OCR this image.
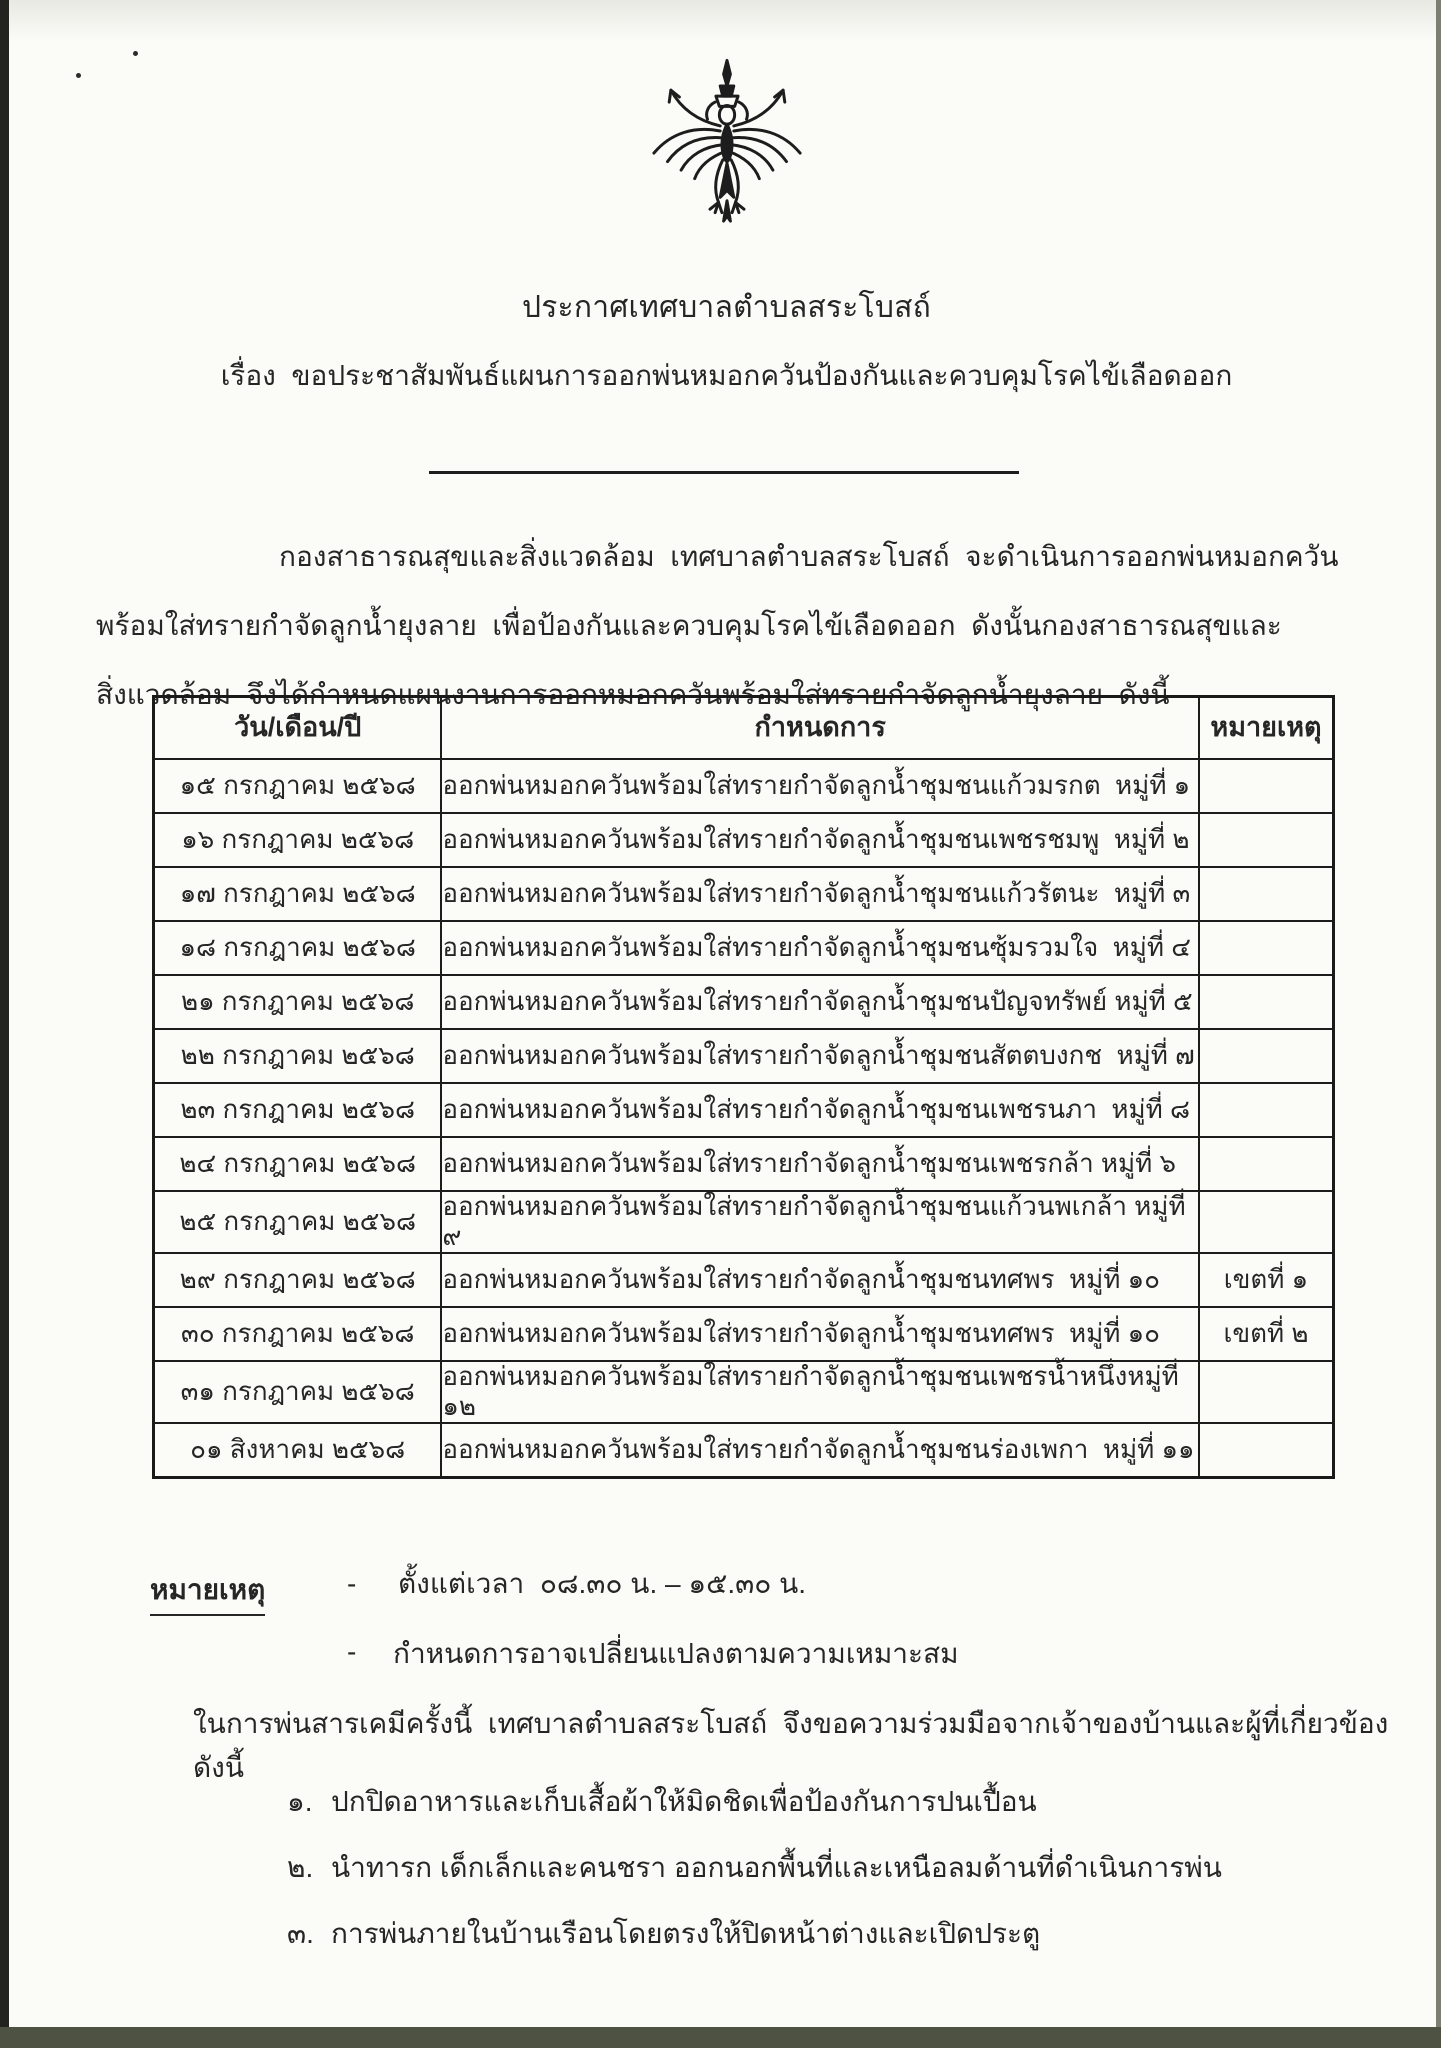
ประกาศเทศบาลตำบลสระโบสถ์
เรื่อง  ขอประชาสัมพันธ์แผนการออกพ่นหมอกควันป้องกันและควบคุมโรคไข้เลือดออก
กองสาธารณสุขและสิ่งแวดล้อม  เทศบาลตำบลสระโบสถ์  จะดำเนินการออกพ่นหมอกควัน
พร้อมใส่ทรายกำจัดลูกน้ำยุงลาย  เพื่อป้องกันและควบคุมโรคไข้เลือดออก  ดังนั้นกองสาธารณสุขและ
สิ่งแวดล้อม  จึงได้กำหนดแผนงานการออกหมอกควันพร้อมใส่ทรายกำจัดลูกน้ำยุงลาย  ดังนี้
วัน/เดือน/ปี	กำหนดการ	หมายเหตุ
๑๕ กรกฎาคม ๒๕๖๘	ออกพ่นหมอกควันพร้อมใส่ทรายกำจัดลูกน้ำชุมชนแก้วมรกต  หมู่ที่ ๑	
๑๖ กรกฎาคม ๒๕๖๘	ออกพ่นหมอกควันพร้อมใส่ทรายกำจัดลูกน้ำชุมชนเพชรชมพู  หมู่ที่ ๒	
๑๗ กรกฎาคม ๒๕๖๘	ออกพ่นหมอกควันพร้อมใส่ทรายกำจัดลูกน้ำชุมชนแก้วรัตนะ  หมู่ที่ ๓	
๑๘ กรกฎาคม ๒๕๖๘	ออกพ่นหมอกควันพร้อมใส่ทรายกำจัดลูกน้ำชุมชนซุ้มรวมใจ  หมู่ที่ ๔	
๒๑ กรกฎาคม ๒๕๖๘	ออกพ่นหมอกควันพร้อมใส่ทรายกำจัดลูกน้ำชุมชนปัญจทรัพย์ หมู่ที่ ๕	
๒๒ กรกฎาคม ๒๕๖๘	ออกพ่นหมอกควันพร้อมใส่ทรายกำจัดลูกน้ำชุมชนสัตตบงกช  หมู่ที่ ๗	
๒๓ กรกฎาคม ๒๕๖๘	ออกพ่นหมอกควันพร้อมใส่ทรายกำจัดลูกน้ำชุมชนเพชรนภา  หมู่ที่ ๘	
๒๔ กรกฎาคม ๒๕๖๘	ออกพ่นหมอกควันพร้อมใส่ทรายกำจัดลูกน้ำชุมชนเพชรกล้า หมู่ที่ ๖	
๒๕ กรกฎาคม ๒๕๖๘	ออกพ่นหมอกควันพร้อมใส่ทรายกำจัดลูกน้ำชุมชนแก้วนพเกล้า หมู่ที่ ๙	
๒๙ กรกฎาคม ๒๕๖๘	ออกพ่นหมอกควันพร้อมใส่ทรายกำจัดลูกน้ำชุมชนทศพร  หมู่ที่ ๑๐	เขตที่ ๑
๓๐ กรกฎาคม ๒๕๖๘	ออกพ่นหมอกควันพร้อมใส่ทรายกำจัดลูกน้ำชุมชนทศพร  หมู่ที่ ๑๐	เขตที่ ๒
๓๑ กรกฎาคม ๒๕๖๘	ออกพ่นหมอกควันพร้อมใส่ทรายกำจัดลูกน้ำชุมชนเพชรน้ำหนึ่งหมู่ที่ ๑๒	
๐๑ สิงหาคม ๒๕๖๘	ออกพ่นหมอกควันพร้อมใส่ทรายกำจัดลูกน้ำชุมชนร่องเพกา  หมู่ที่ ๑๑	
หมายเหตุ	- ตั้งแต่เวลา  ๐๘.๓๐ น. – ๑๕.๓๐ น.
- กำหนดการอาจเปลี่ยนแปลงตามความเหมาะสม
ในการพ่นสารเคมีครั้งนี้  เทศบาลตำบลสระโบสถ์  จึงขอความร่วมมือจากเจ้าของบ้านและผู้ที่เกี่ยวข้อง  ดังนี้
๑. ปกปิดอาหารและเก็บเสื้อผ้าให้มิดชิดเพื่อป้องกันการปนเปื้อน
๒. นำทารก เด็กเล็กและคนชรา ออกนอกพื้นที่และเหนือลมด้านที่ดำเนินการพ่น
๓. การพ่นภายในบ้านเรือนโดยตรงให้ปิดหน้าต่างและเปิดประตู
